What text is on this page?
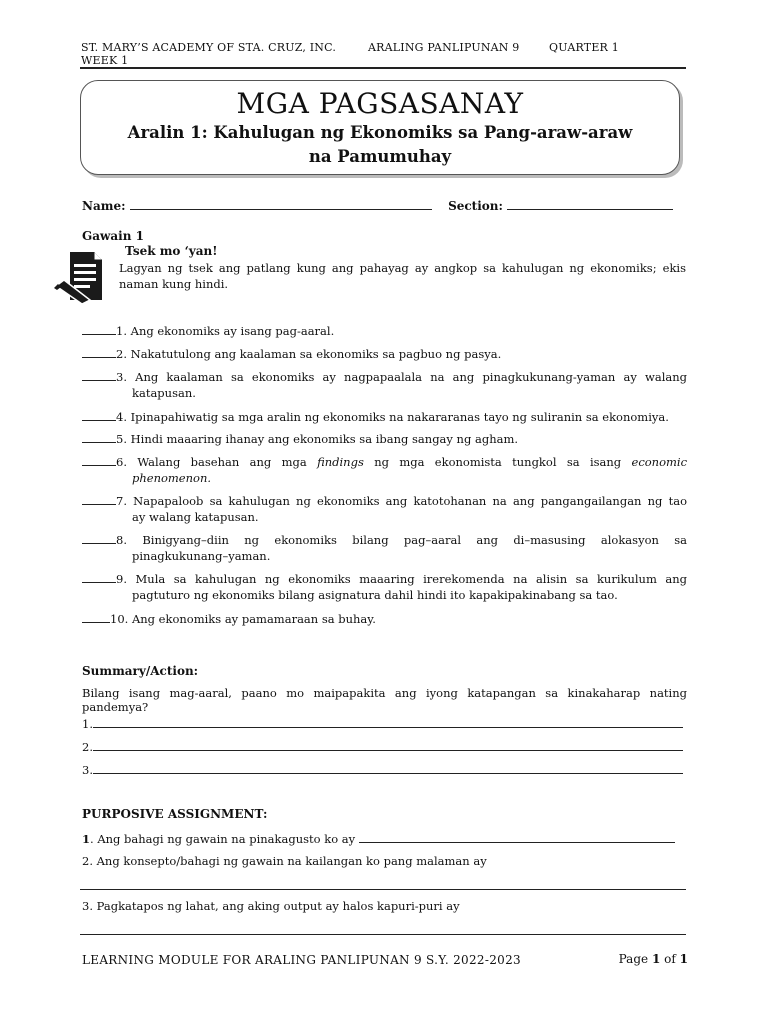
ST. MARY’S ACADEMY OF STA. CRUZ, INC.	ARALING PANLIPUNAN 9	QUARTER 1
WEEK 1
MGA PAGSASANAY
Aralin 1: Kahulugan ng Ekonomiks sa Pang-araw-araw
na Pamumuhay
Name:	Section:
Gawain 1
Tsek mo ‘yan!
Lagyan ng tsek ang patlang kung ang pahayag ay angkop sa kahulugan ng ekonomiks; ekis naman kung hindi.
1. Ang ekonomiks ay isang pag-aaral.
2. Nakatutulong ang kaalaman sa ekonomiks sa pagbuo ng pasya.
3. Ang kaalaman sa ekonomiks ay nagpapaalala na ang pinagkukunang-yaman ay walang
katapusan.
4. Ipinapahiwatig sa mga aralin ng ekonomiks na nakararanas tayo ng suliranin sa ekonomiya.
5. Hindi maaaring ihanay ang ekonomiks sa ibang sangay ng agham.
6. Walang basehan ang mga findings ng mga ekonomista tungkol sa isang economic
phenomenon.
7. Napapaloob sa kahulugan ng ekonomiks ang katotohanan na ang pangangailangan ng tao
ay walang katapusan.
8. Binigyang–diin ng ekonomiks bilang pag–aaral ang di–masusing alokasyon sa
pinagkukunang–yaman.
9. Mula sa kahulugan ng ekonomiks maaaring irerekomenda na alisin sa kurikulum ang
pagtuturo ng ekonomiks bilang asignatura dahil hindi ito kapakipakinabang sa tao.
10. Ang ekonomiks ay pamamaraan sa buhay.
Summary/Action:
Bilang isang mag-aaral, paano mo maipapakita ang iyong katapangan sa kinakaharap nating pandemya?
1.
2.
3.
PURPOSIVE ASSIGNMENT:
1. Ang bahagi ng gawain na pinakagusto ko ay
2. Ang konsepto/bahagi ng gawain na kailangan ko pang malaman ay
3. Pagkatapos ng lahat, ang aking output ay halos kapuri-puri ay
LEARNING MODULE FOR ARALING PANLIPUNAN 9 S.Y. 2022-2023	Page 1 of 1
